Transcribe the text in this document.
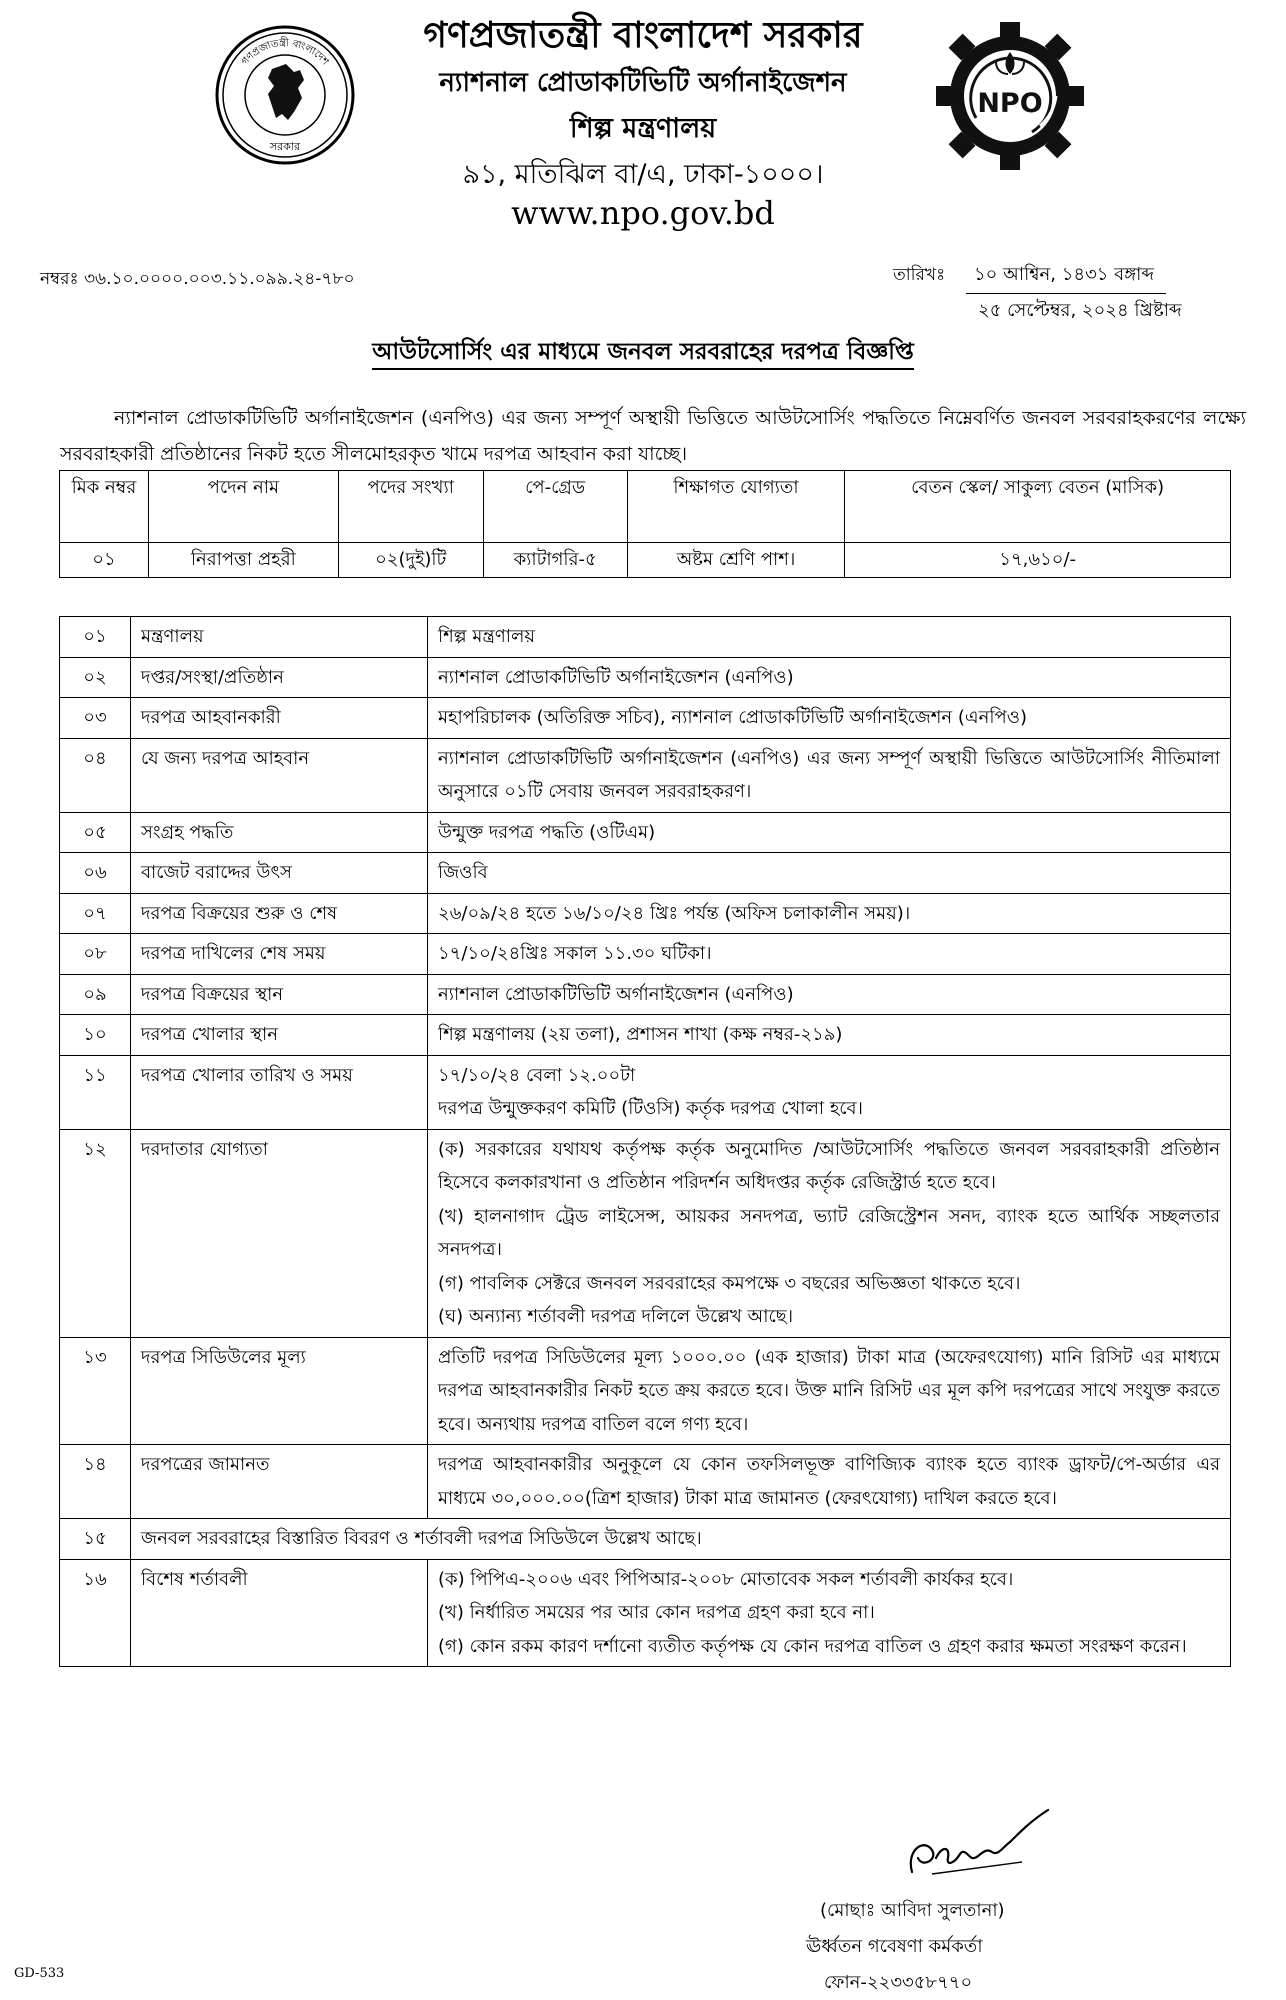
গণপ্রজাতন্ত্রী বাংলাদেশ
সরকার
NPO
গণপ্রজাতন্ত্রী বাংলাদেশ সরকার
ন্যাশনাল প্রোডাকটিভিটি অর্গানাইজেশন
শিল্প মন্ত্রণালয়
৯১, মতিঝিল বা/এ, ঢাকা-১০০০।
www.npo.gov.bd
নম্বরঃ ৩৬.১০.০০০০.০০৩.১১.০৯৯.২৪-৭৮০	তারিখঃ	১০ আশ্বিন, ১৪৩১ বঙ্গাব্দ
২৫ সেপ্টেম্বর, ২০২৪ খ্রিষ্টাব্দ
আউটসোর্সিং এর মাধ্যমে জনবল সরবরাহের দরপত্র বিজ্ঞপ্তি

ন্যাশনাল প্রোডাকটিভিটি অর্গানাইজেশন (এনপিও) এর জন্য সম্পূর্ণ অস্থায়ী ভিত্তিতে আউটসোর্সিং পদ্ধতিতে নিম্নেবর্ণিত জনবল সরবরাহকরণের লক্ষ্যে সরবরাহকারী প্রতিষ্ঠানের নিকট হতে সীলমোহরকৃত খামে দরপত্র আহবান করা যাচ্ছে।

মিক নম্বর	পদেন নাম	পদের সংখ্যা	পে-গ্রেড	শিক্ষাগত যোগ্যতা	বেতন স্কেল/ সাকুল্য বেতন (মাসিক)
০১	নিরাপত্তা প্রহরী	০২(দুই)টি	ক্যাটাগরি-৫	অষ্টম শ্রেণি পাশ।	১৭,৬১০/-
০১	মন্ত্রণালয়	শিল্প মন্ত্রণালয়
০২	দপ্তর/সংস্থা/প্রতিষ্ঠান	ন্যাশনাল প্রোডাকটিভিটি অর্গানাইজেশন (এনপিও)
০৩	দরপত্র আহবানকারী	মহাপরিচালক (অতিরিক্ত সচিব), ন্যাশনাল প্রোডাকটিভিটি অর্গানাইজেশন (এনপিও)
০৪	যে জন্য দরপত্র আহবান	ন্যাশনাল প্রোডাকটিভিটি অর্গানাইজেশন (এনপিও) এর জন্য সম্পূর্ণ অস্থায়ী ভিত্তিতে আউটসোর্সিং নীতিমালা অনুসারে ০১টি সেবায় জনবল সরবরাহকরণ।
০৫	সংগ্রহ পদ্ধতি	উন্মুক্ত দরপত্র পদ্ধতি (ওটিএম)
০৬	বাজেট বরাদ্দের উৎস	জিওবি
০৭	দরপত্র বিক্রয়ের শুরু ও শেষ	২৬/০৯/২৪ হতে ১৬/১০/২৪ খ্রিঃ পর্যন্ত (অফিস চলাকালীন সময়)।
০৮	দরপত্র দাখিলের শেষ সময়	১৭/১০/২৪খ্রিঃ সকাল ১১.৩০ ঘটিকা।
০৯	দরপত্র বিক্রয়ের স্থান	ন্যাশনাল প্রোডাকটিভিটি অর্গানাইজেশন (এনপিও)
১০	দরপত্র খোলার স্থান	শিল্প মন্ত্রণালয় (২য় তলা), প্রশাসন শাখা (কক্ষ নম্বর-২১৯)
১১	দরপত্র খোলার তারিখ ও সময়	১৭/১০/২৪ বেলা ১২.০০টা
দরপত্র উন্মুক্তকরণ কমিটি (টিওসি) কর্তৃক দরপত্র খোলা হবে।

১২	দরদাতার যোগ্যতা	(ক) সরকারের যথাযথ কর্তৃপক্ষ কর্তৃক অনুমোদিত /আউটসোর্সিং পদ্ধতিতে জনবল সরবরাহকারী প্রতিষ্ঠান হিসেবে কলকারখানা ও প্রতিষ্ঠান পরিদর্শন অধিদপ্তর কর্তৃক রেজিস্ট্রার্ড হতে হবে।
(খ) হালনাগাদ ট্রেড লাইসেন্স, আয়কর সনদপত্র, ভ্যাট রেজিস্ট্রেশন সনদ, ব্যাংক হতে আর্থিক সচ্ছলতার সনদপত্র।
(গ) পাবলিক সেক্টরে জনবল সরবরাহের কমপক্ষে ৩ বছরের অভিজ্ঞতা থাকতে হবে।
(ঘ) অন্যান্য শর্তাবলী দরপত্র দলিলে উল্লেখ আছে।

১৩	দরপত্র সিডিউলের মূল্য	প্রতিটি দরপত্র সিডিউলের মূল্য ১০০০.০০ (এক হাজার) টাকা মাত্র (অফেরৎযোগ্য) মানি রিসিট এর মাধ্যমে দরপত্র আহবানকারীর নিকট হতে ক্রয় করতে হবে। উক্ত মানি রিসিট এর মূল কপি দরপত্রের সাথে সংযুক্ত করতে হবে। অন্যথায় দরপত্র বাতিল বলে গণ্য হবে।
১৪	দরপত্রের জামানত	দরপত্র আহবানকারীর অনুকূলে যে কোন তফসিলভূক্ত বাণিজ্যিক ব্যাংক হতে ব্যাংক ড্রাফট/পে-অর্ডার এর মাধ্যমে ৩০,০০০.০০(ত্রিশ হাজার) টাকা মাত্র জামানত (ফেরৎযোগ্য) দাখিল করতে হবে।
১৫	জনবল সরবরাহের বিস্তারিত বিবরণ ও শর্তাবলী দরপত্র সিডিউলে উল্লেখ আছে।	
১৬	বিশেষ শর্তাবলী	(ক) পিপিএ-২০০৬ এবং পিপিআর-২০০৮ মোতাবেক সকল শর্তাবলী কার্যকর হবে।
(খ) নির্ধারিত সময়ের পর আর কোন দরপত্র গ্রহণ করা হবে না।
(গ) কোন রকম কারণ দর্শানো ব্যতীত কর্তৃপক্ষ যে কোন দরপত্র বাতিল ও গ্রহণ করার ক্ষমতা সংরক্ষণ করেন।
(মোছাঃ আবিদা সুলতানা)
ঊর্ধ্বতন গবেষণা কর্মকর্তা
ফোন-২২৩৩৫৮৭৭০
GD-533
